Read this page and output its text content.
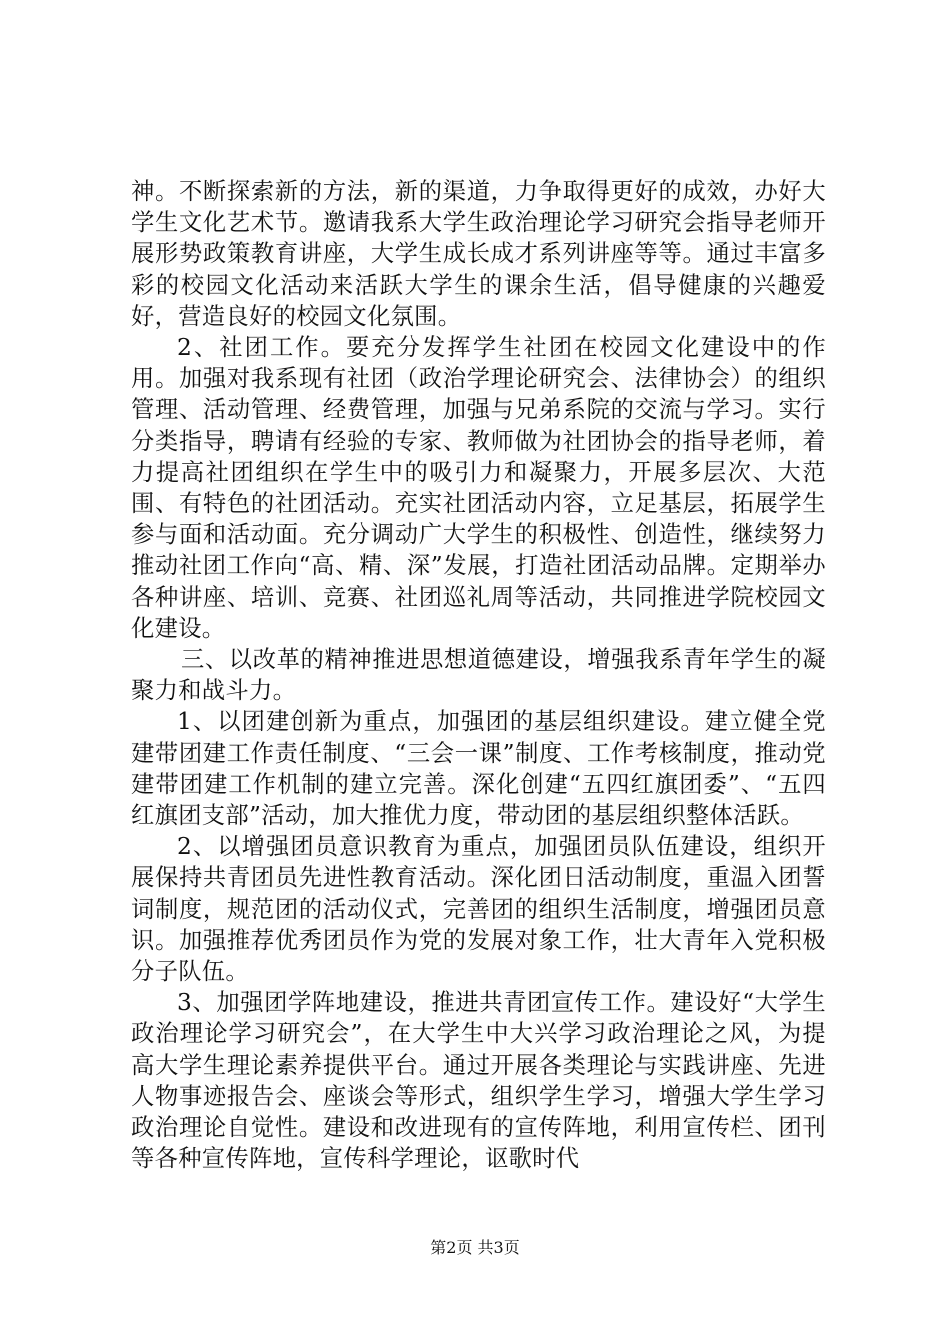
神。不断探索新的方法，新的渠道，力争取得更好的成效，办好大学生文化艺术节。邀请我系大学生政治理论学习研究会指导老师开展形势政策教育讲座，大学生成长成才系列讲座等等。通过丰富多彩的校园文化活动来活跃大学生的课余生活，倡导健康的兴趣爱好，营造良好的校园文化氛围。

2、社团工作。要充分发挥学生社团在校园文化建设中的作用。加强对我系现有社团（政治学理论研究会、法律协会）的组织管理、活动管理、经费管理，加强与兄弟系院的交流与学习。实行分类指导，聘请有经验的专家、教师做为社团协会的指导老师，着力提高社团组织在学生中的吸引力和凝聚力，开展多层次、大范围、有特色的社团活动。充实社团活动内容，立足基层，拓展学生参与面和活动面。充分调动广大学生的积极性、创造性，继续努力推动社团工作向“高、精、深”发展，打造社团活动品牌。定期举办各种讲座、培训、竞赛、社团巡礼周等活动，共同推进学院校园文化建设。

三、以改革的精神推进思想道德建设，增强我系青年学生的凝聚力和战斗力。

1、以团建创新为重点，加强团的基层组织建设。建立健全党建带团建工作责任制度、“三会一课”制度、工作考核制度，推动党建带团建工作机制的建立完善。深化创建“五四红旗团委”、“五四红旗团支部”活动，加大推优力度，带动团的基层组织整体活跃。

2、以增强团员意识教育为重点，加强团员队伍建设，组织开展保持共青团员先进性教育活动。深化团日活动制度，重温入团誓词制度，规范团的活动仪式，完善团的组织生活制度，增强团员意识。加强推荐优秀团员作为党的发展对象工作，壮大青年入党积极分子队伍。

3、加强团学阵地建设，推进共青团宣传工作。建设好“大学生政治理论学习研究会”，在大学生中大兴学习政治理论之风，为提高大学生理论素养提供平台。通过开展各类理论与实践讲座、先进人物事迹报告会、座谈会等形式，组织学生学习，增强大学生学习政治理论自觉性。建设和改进现有的宣传阵地，利用宣传栏、团刊等各种宣传阵地，宣传科学理论，讴歌时代

第2页 共3页
